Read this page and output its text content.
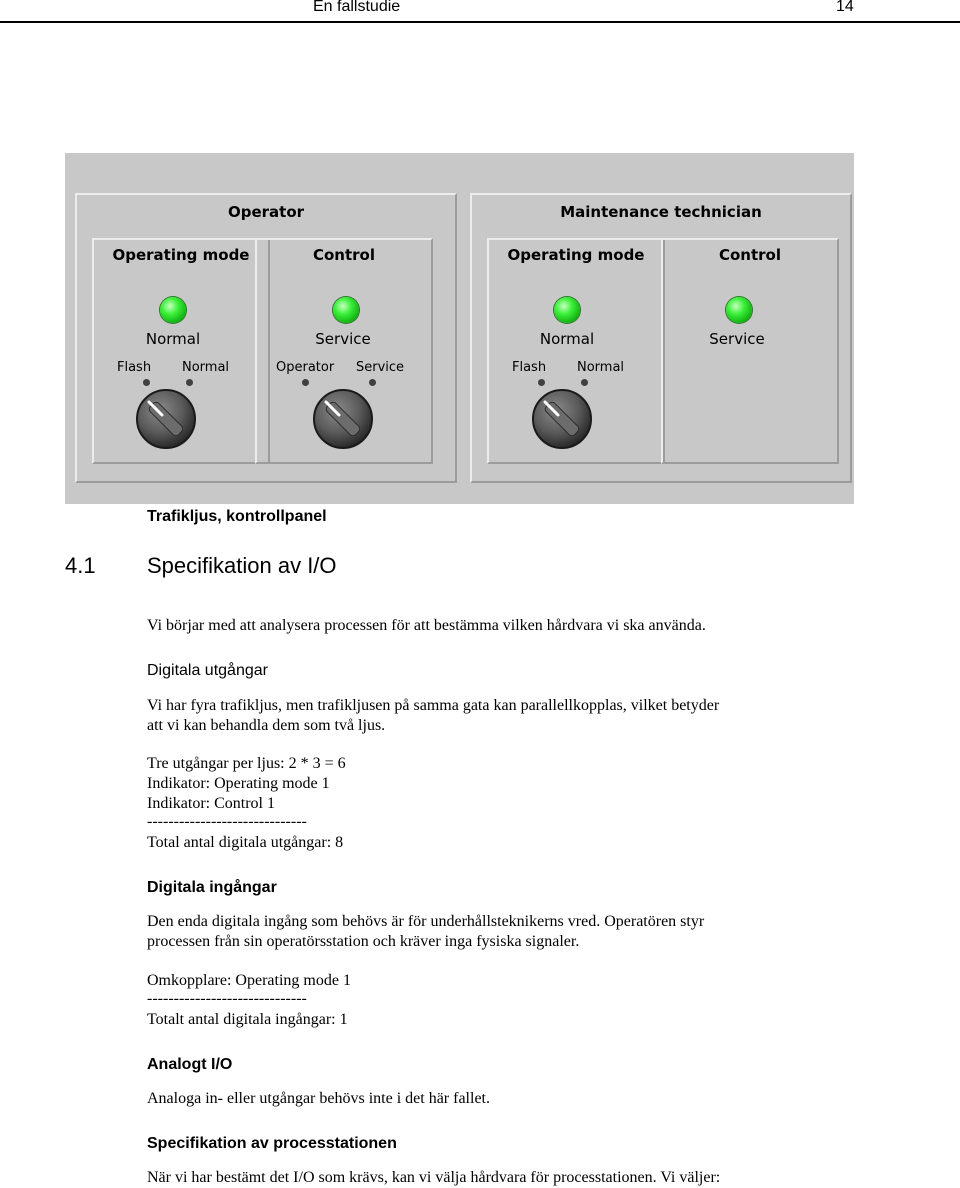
En fallstudie	14
Operator
Operating mode
Normal
Flash Normal
Control
Service
Operator Service
Maintenance technician
Operating mode
Normal
Flash Normal
Control
Service
Trafikljus, kontrollpanel
4.1 Specifikation av I/O
Vi börjar med att analysera processen för att bestämma vilken hårdvara vi ska använda.
Digitala utgångar
Vi har fyra trafikljus, men trafikljusen på samma gata kan parallellkopplas, vilket betyder
att vi kan behandla dem som två ljus.
Tre utgångar per ljus: 2 * 3 = 6
Indikator: Operating mode 1
Indikator: Control 1
------------------------------
Total antal digitala utgångar: 8
Digitala ingångar
Den enda digitala ingång som behövs är för underhållsteknikerns vred. Operatören styr
processen från sin operatörsstation och kräver inga fysiska signaler.
Omkopplare: Operating mode 1
------------------------------
Totalt antal digitala ingångar: 1
Analogt I/O
Analoga in- eller utgångar behövs inte i det här fallet.
Specifikation av processtationen
När vi har bestämt det I/O som krävs, kan vi välja hårdvara för processtationen. Vi väljer:
